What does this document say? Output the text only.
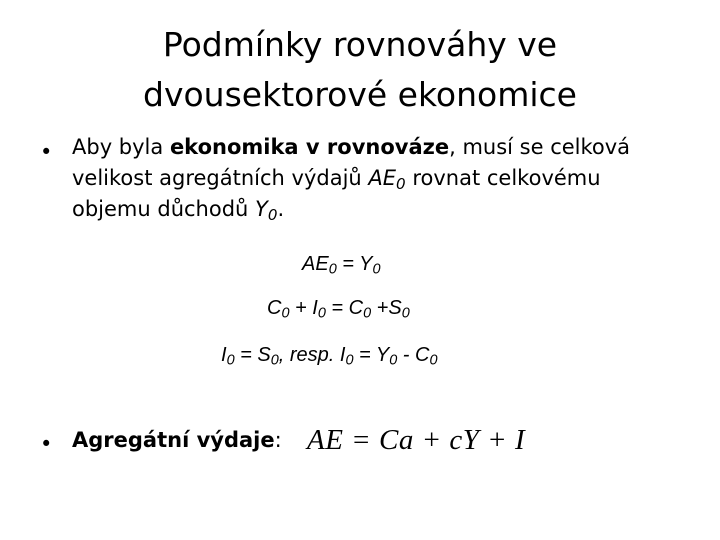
Podmínky rovnováhy ve
dvousektorové ekonomice
• Aby byla ekonomika v rovnováze, musí se celková velikost agregátních výdajů $AE_0$ rovnat celkovému objemu důchodů $Y_0$.
$AE_0 = Y_0$
$C_0 + I_0 = C_0 +S_0$
$I_0 = S_0$, resp. $I_0 = Y_0 - C_0$
• Agregátní výdaje: AE = Ca + cY + I
